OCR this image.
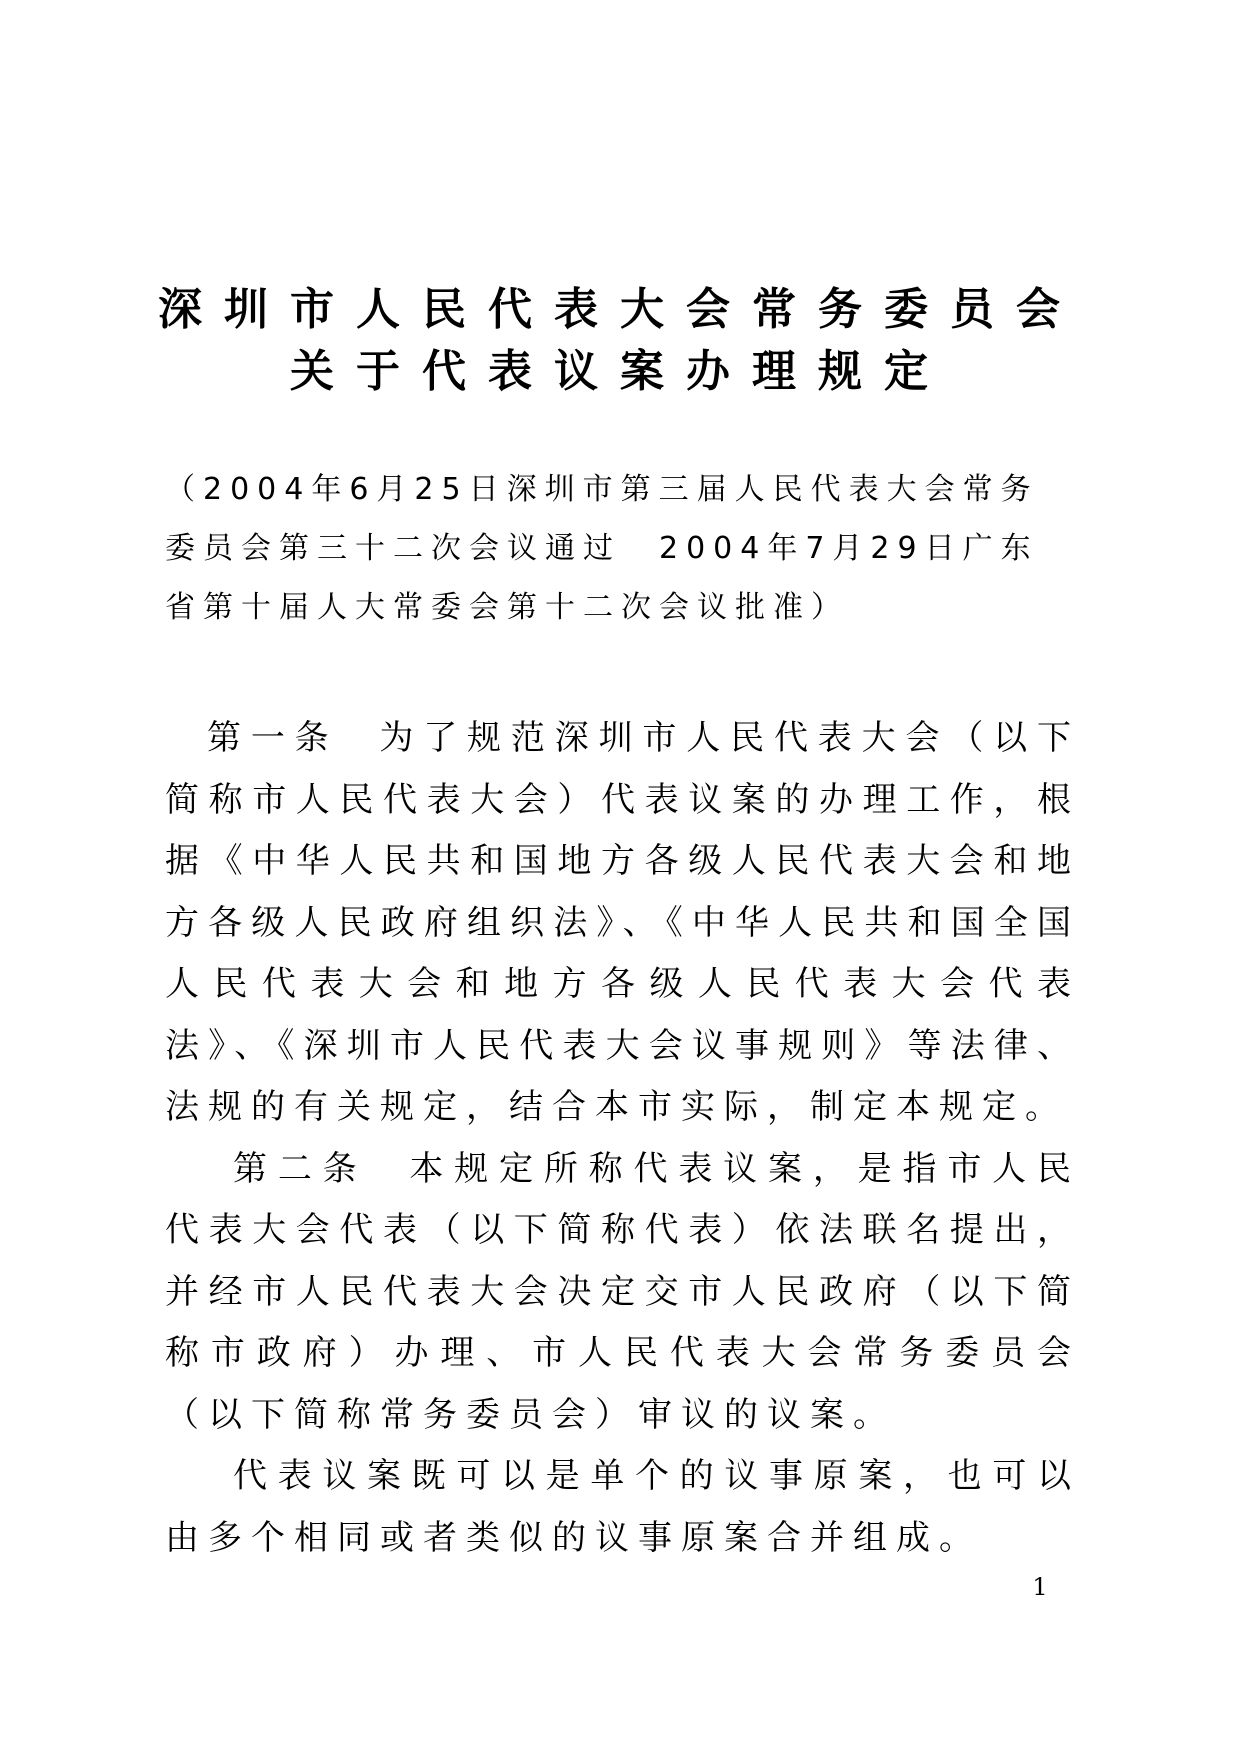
深圳市人民代表大会常务委员会
关于代表议案办理规定
（2004年6月25日深圳市第三届人民代表大会常务委员会第三十二次会议通过　2004年7月29日广东省第十届人大常委会第十二次会议批准）

第一条 为了规范深圳市人民代表大会（以下简称市人民代表大会）代表议案的办理工作，根据《中华人民共和国地方各级人民代表大会和地方各级人民政府组织法》、《中华人民共和国全国人民代表大会和地方各级人民代表大会代表法》、《深圳市人民代表大会议事规则》等法律、法规的有关规定，结合本市实际，制定本规定。

第二条 本规定所称代表议案，是指市人民代表大会代表（以下简称代表）依法联名提出，并经市人民代表大会决定交市人民政府（以下简称市政府）办理、市人民代表大会常务委员会（以下简称常务委员会）审议的议案。

代表议案既可以是单个的议事原案，也可以由多个相同或者类似的议事原案合并组成。

1
